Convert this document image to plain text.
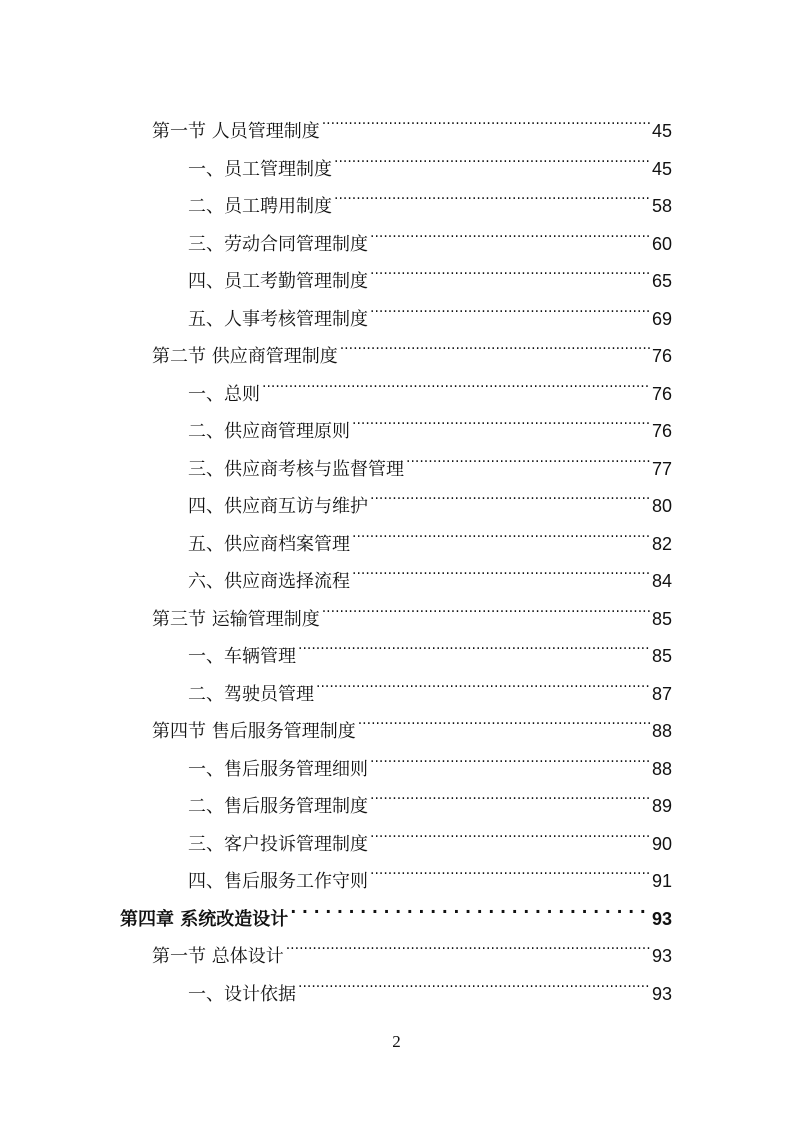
第一节 人员管理制度 .....	45
一、员工管理制度 .....	45
二、员工聘用制度 .....	58
三、劳动合同管理制度 .....	60
四、员工考勤管理制度 .....	65
五、人事考核管理制度 .....	69
第二节 供应商管理制度 .....	76
一、总则 .....	76
二、供应商管理原则 .....	76
三、供应商考核与监督管理 .....	77
四、供应商互访与维护 .....	80
五、供应商档案管理 .....	82
六、供应商选择流程 .....	84
第三节 运输管理制度 .....	85
一、车辆管理 .....	85
二、驾驶员管理 .....	87
第四节 售后服务管理制度 .....	88
一、售后服务管理细则 .....	88
二、售后服务管理制度 .....	89
三、客户投诉管理制度 .....	90
四、售后服务工作守则 .....	91
第四章 系统改造设计 . . .	93
第一节 总体设计 .....	93
一、设计依据 .....	93
2
